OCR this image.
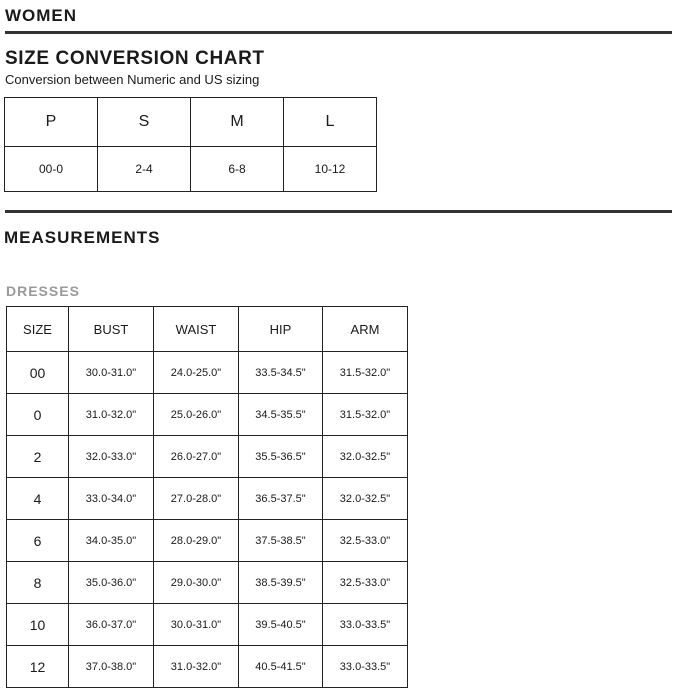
WOMEN
SIZE CONVERSION CHART

Conversion between Numeric and US sizing

P	S	M	L
00-0	2-4	6-8	10-12
MEASUREMENTS
DRESSES
SIZE	BUST	WAIST	HIP	ARM
00	30.0-31.0"	24.0-25.0"	33.5-34.5"	31.5-32.0"
0	31.0-32.0"	25.0-26.0"	34.5-35.5"	31.5-32.0"
2	32.0-33.0"	26.0-27.0"	35.5-36.5"	32.0-32.5"
4	33.0-34.0"	27.0-28.0"	36.5-37.5"	32.0-32.5"
6	34.0-35.0"	28.0-29.0"	37.5-38.5"	32.5-33.0"
8	35.0-36.0"	29.0-30.0"	38.5-39.5"	32.5-33.0"
10	36.0-37.0"	30.0-31.0"	39.5-40.5"	33.0-33.5"
12	37.0-38.0"	31.0-32.0"	40.5-41.5"	33.0-33.5"
